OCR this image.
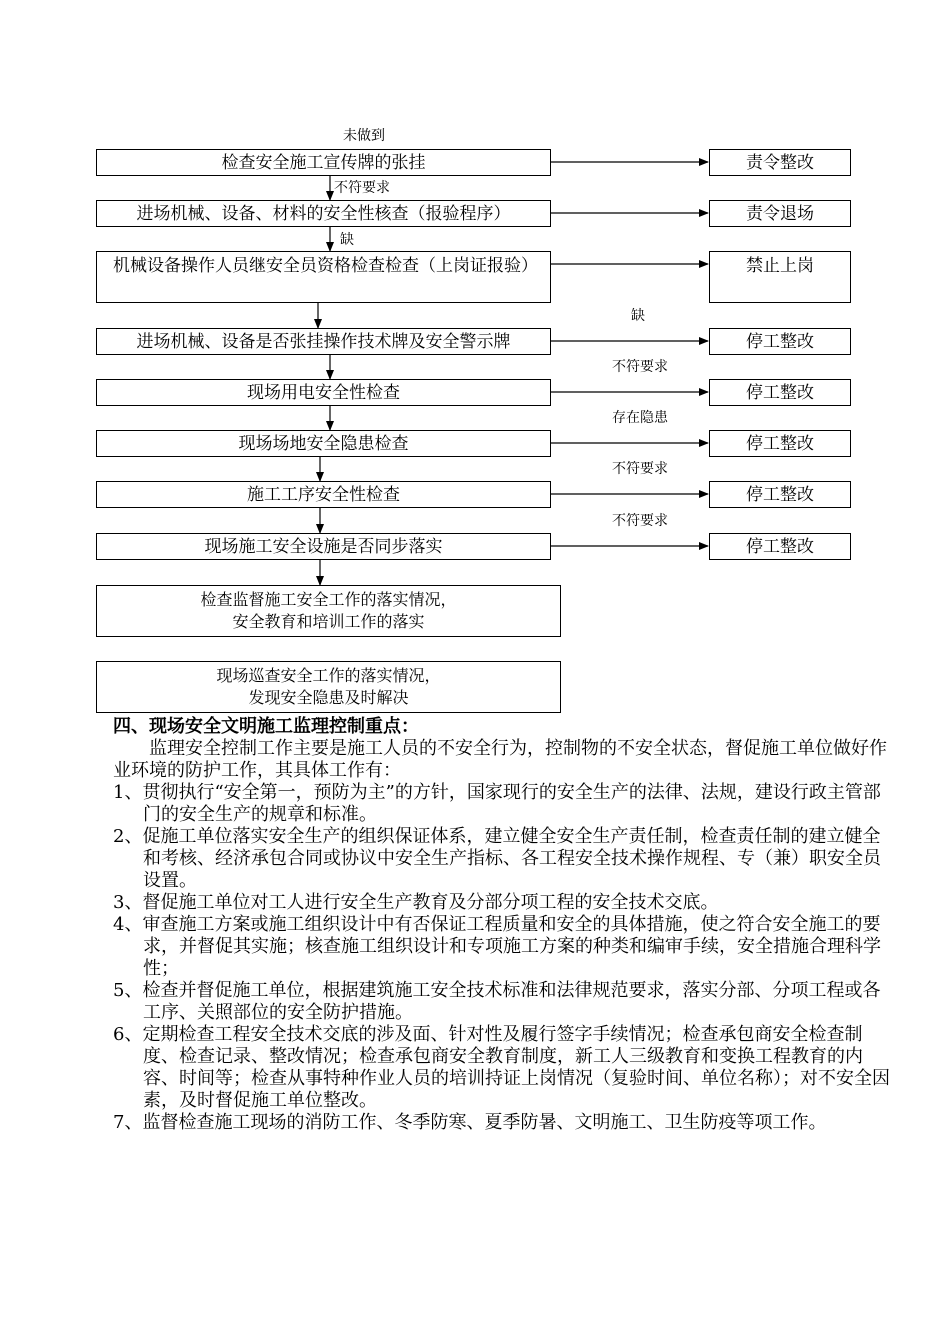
未做到
不符要求
缺
缺
不符要求
存在隐患
不符要求
不符要求
检查安全施工宣传牌的张挂
进场机械、设备、材料的安全性核查（报验程序）
机械设备操作人员继安全员资格检查检查（上岗证报验）
进场机械、设备是否张挂操作技术牌及安全警示牌
现场用电安全性检查
现场场地安全隐患检查
施工工序安全性检查
现场施工安全设施是否同步落实
责令整改
责令退场
禁止上岗
停工整改
停工整改
停工整改
停工整改
停工整改
检查监督施工安全工作的落实情况，
安全教育和培训工作的落实
现场巡查安全工作的落实情况，
发现安全隐患及时解决
四、现场安全文明施工监理控制重点：

监理安全控制工作主要是施工人员的不安全行为，控制物的不安全状态，督促施工单位做好作业环境的防护工作，其具体工作有：

1、贯彻执行“安全第一，预防为主”的方针，国家现行的安全生产的法律、法规，建设行政主管部门的安全生产的规章和标准。

2、促施工单位落实安全生产的组织保证体系，建立健全安全生产责任制，检查责任制的建立健全和考核、经济承包合同或协议中安全生产指标、各工程安全技术操作规程、专（兼）职安全员设置。

3、督促施工单位对工人进行安全生产教育及分部分项工程的安全技术交底。

4、审查施工方案或施工组织设计中有否保证工程质量和安全的具体措施，使之符合安全施工的要求，并督促其实施；核查施工组织设计和专项施工方案的种类和编审手续，安全措施合理科学性；

5、检查并督促施工单位，根据建筑施工安全技术标准和法律规范要求，落实分部、分项工程或各工序、关照部位的安全防护措施。

6、定期检查工程安全技术交底的涉及面、针对性及履行签字手续情况；检查承包商安全检查制度、检查记录、整改情况；检查承包商安全教育制度，新工人三级教育和变换工程教育的内容、时间等；检查从事特种作业人员的培训持证上岗情况（复验时间、单位名称）；对不安全因素，及时督促施工单位整改。

7、监督检查施工现场的消防工作、冬季防寒、夏季防暑、文明施工、卫生防疫等项工作。
